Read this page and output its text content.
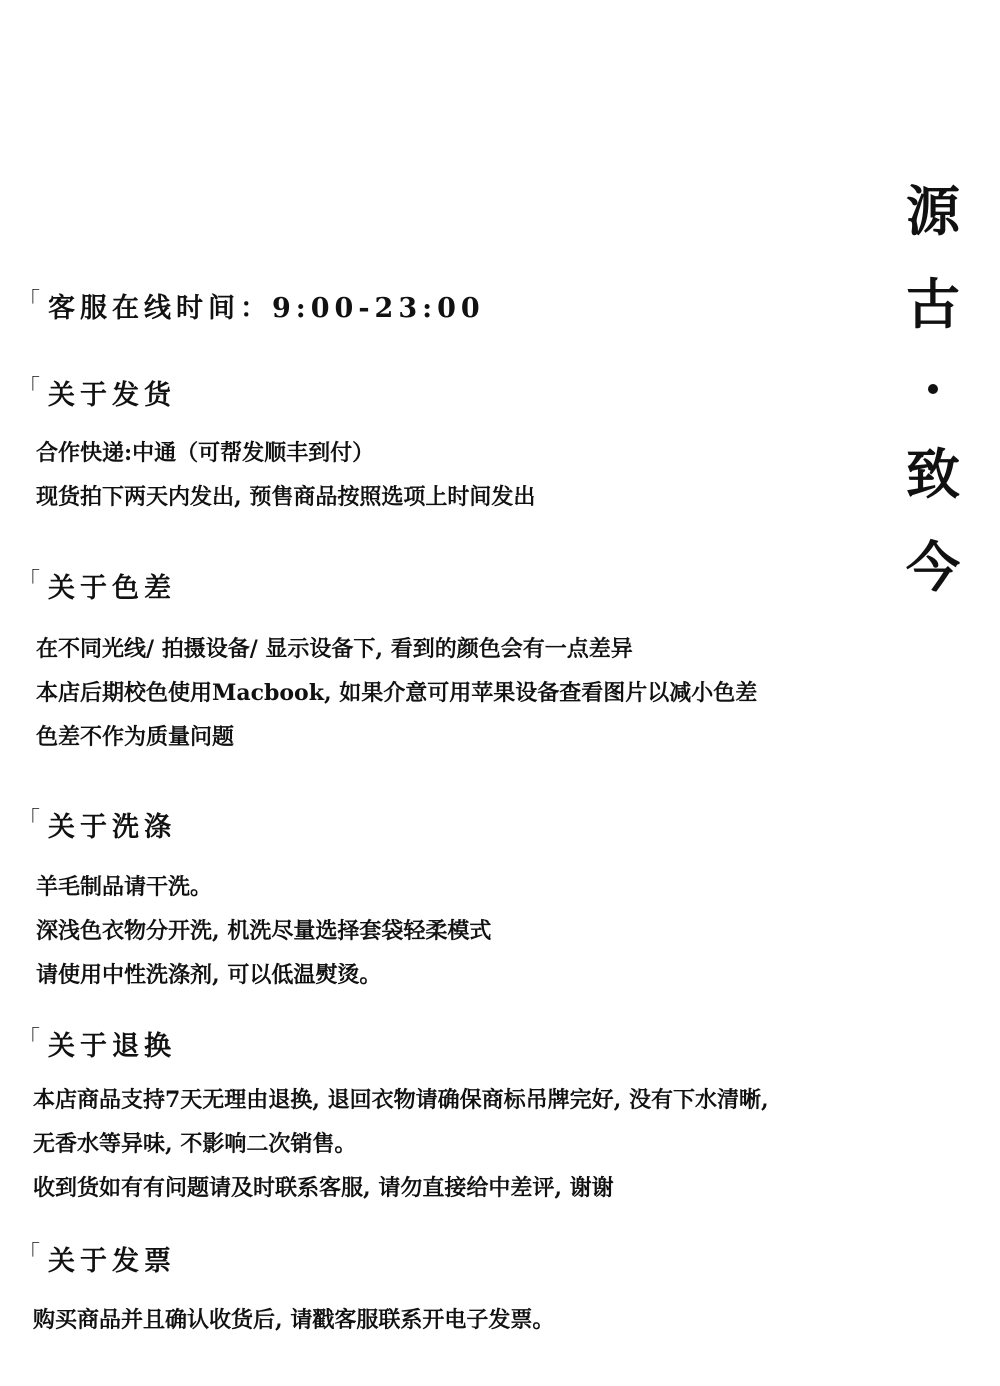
源
古
致
今
「 客服在线时间：9:00-23:00
「 关于发货
合作快递:中通（可帮发顺丰到付）
现货拍下两天内发出, 预售商品按照选项上时间发出
「 关于色差
在不同光线/ 拍摄设备/ 显示设备下, 看到的颜色会有一点差异
本店后期校色使用Macbook, 如果介意可用苹果设备查看图片以减小色差
色差不作为质量问题
「 关于洗涤
羊毛制品请干洗。
深浅色衣物分开洗, 机洗尽量选择套袋轻柔模式
请使用中性洗涤剂, 可以低温熨烫。
「 关于退换
本店商品支持7天无理由退换, 退回衣物请确保商标吊牌完好, 没有下水清晰,
无香水等异味, 不影响二次销售。
收到货如有有问题请及时联系客服, 请勿直接给中差评, 谢谢
「 关于发票
购买商品并且确认收货后, 请戳客服联系开电子发票。
